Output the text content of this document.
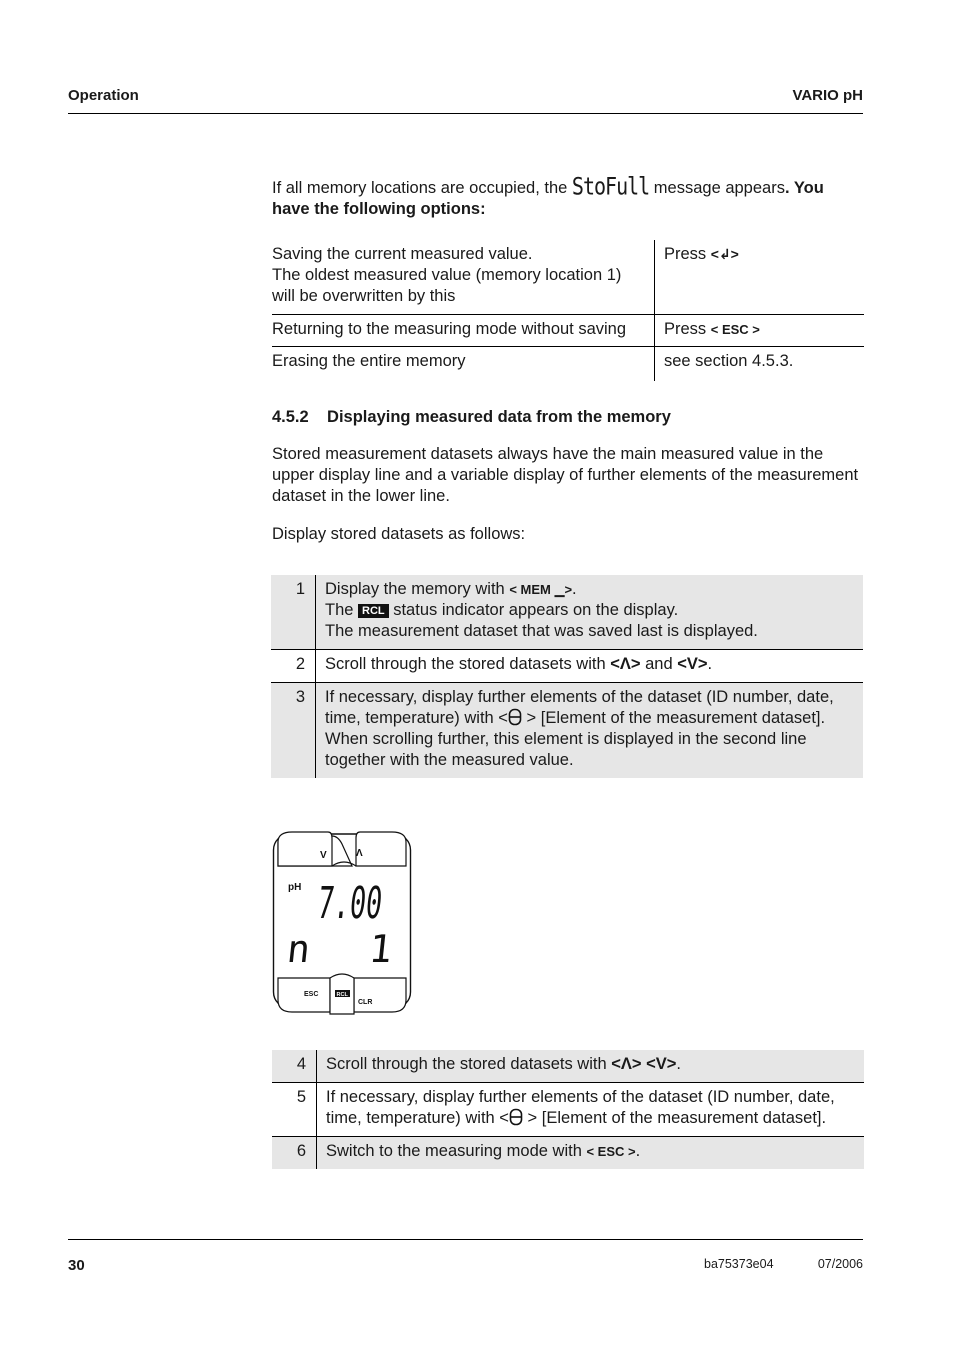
Operation	VARIO pH
If all memory locations are occupied, the StoFull message appears. You have the following options:
Saving the current measured value.
The oldest measured value (memory location 1) will be overwritten by this	Press <↲>
Returning to the measuring mode without saving	Press < ESC >
Erasing the entire memory	see section 4.5.3.
4.5.2 Displaying measured data from the memory
Stored measurement datasets always have the main measured value in the upper display line and a variable display of further elements of the measurement dataset in the lower line.
Display stored datasets as follows:
1	Display the memory with < MEM ▁>.
The RCL status indicator appears on the display.
The measurement dataset that was saved last is displayed.

2	Scroll through the stored datasets with <Λ> and <V>.
3	If necessary, display further elements of the dataset (ID number, date, time, temperature) with < > [Element of the measurement dataset].
When scrolling further, this element is displayed in the second line together with the measured value.
V	Λ
pH 7.00
n 1
ESC	RCL
CLR
4	Scroll through the stored datasets with <Λ> <V>.
5	If necessary, display further elements of the dataset (ID number, date, time, temperature) with < > [Element of the measurement dataset].
6	Switch to the measuring mode with < ESC >.
30	ba75373e04	07/2006
